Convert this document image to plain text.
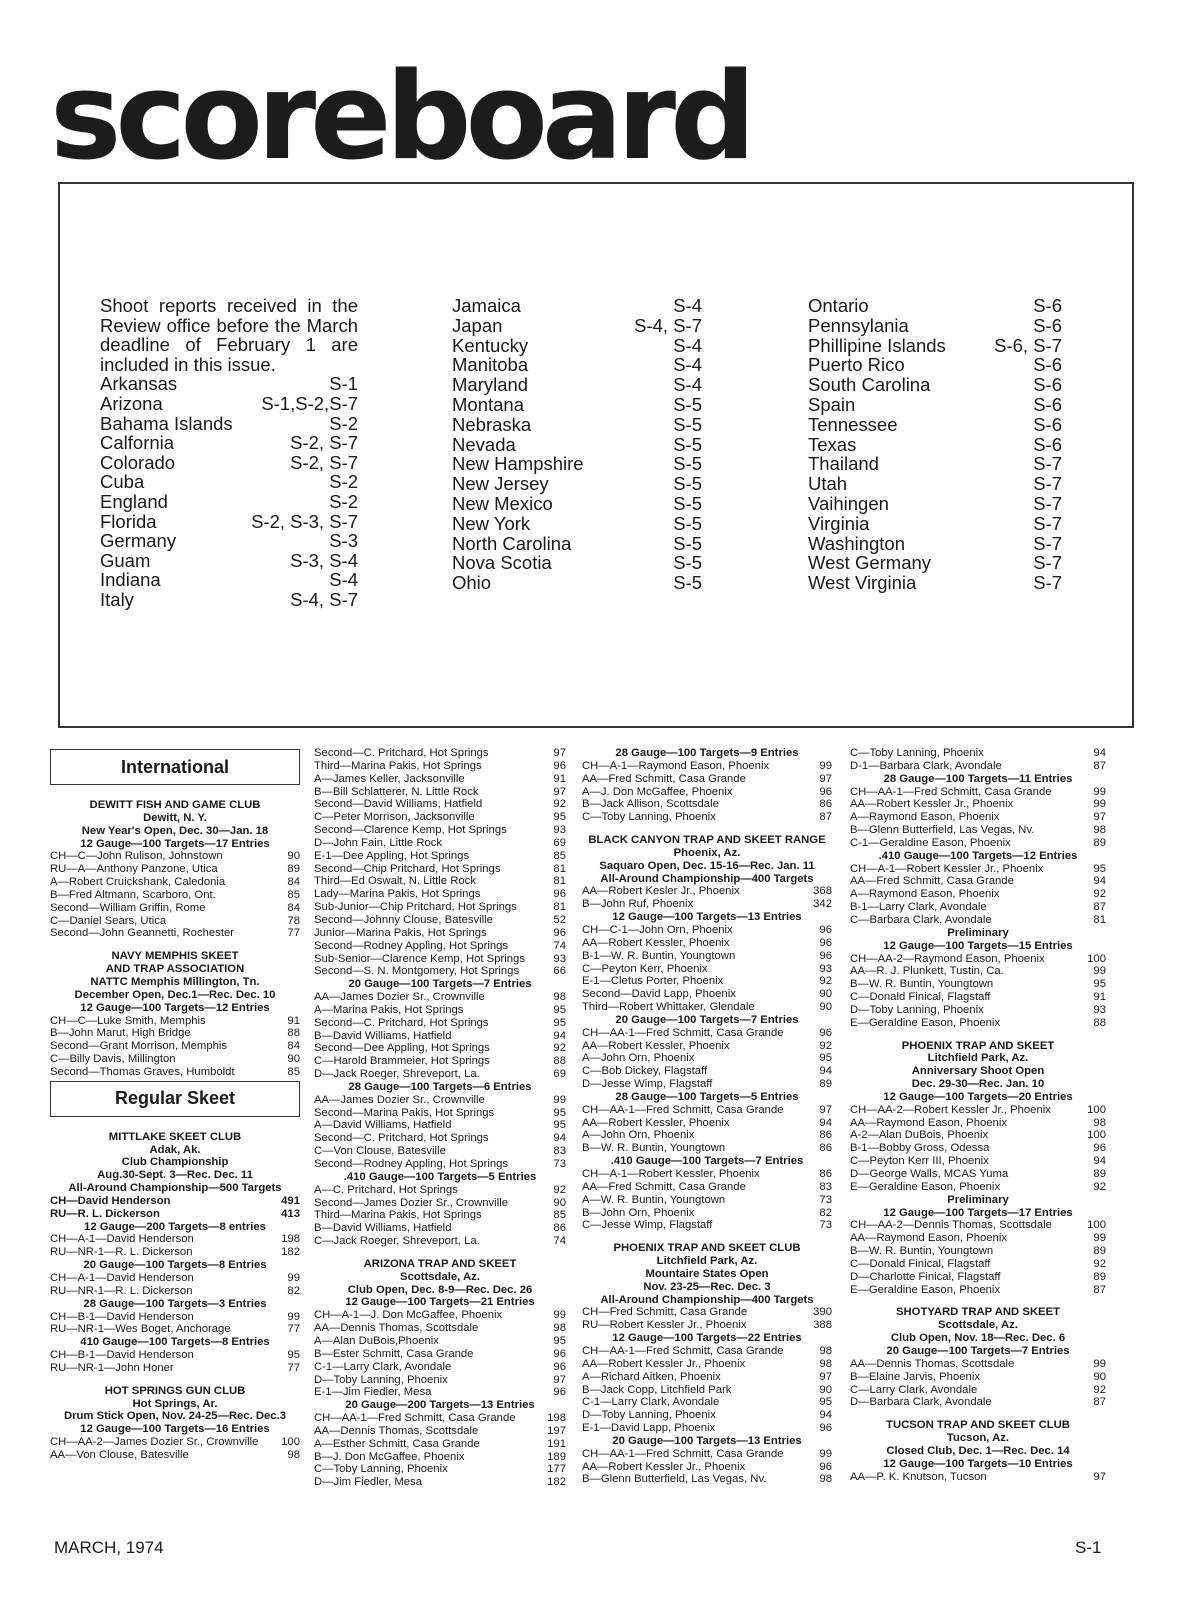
scoreboard
Shoot reports received in the Review office before the March deadline of February 1 are included in this issue.
Arkansas	S-1
Arizona	S-1,S-2,S-7
Bahama Islands	S-2
Calfornia	S-2, S-7
Colorado	S-2, S-7
Cuba	S-2
England	S-2
Florida	S-2, S-3, S-7
Germany	S-3
Guam	S-3, S-4
Indiana	S-4
Italy	S-4, S-7
Jamaica	S-4
Japan	S-4, S-7
Kentucky	S-4
Manitoba	S-4
Maryland	S-4
Montana	S-5
Nebraska	S-5
Nevada	S-5
New Hampshire	S-5
New Jersey	S-5
New Mexico	S-5
New York	S-5
North Carolina	S-5
Nova Scotia	S-5
Ohio	S-5
Ontario	S-6
Pennsylania	S-6
Phillipine Islands	S-6, S-7
Puerto Rico	S-6
South Carolina	S-6
Spain	S-6
Tennessee	S-6
Texas	S-6
Thailand	S-7
Utah	S-7
Vaihingen	S-7
Virginia	S-7
Washington	S-7
West Germany	S-7
West Virginia	S-7
International
DEWITT FISH AND GAME CLUB
Dewitt, N. Y.
New Year's Open, Dec. 30—Jan. 18
12 Gauge—100 Targets—17 Entries
CH—C—John Rulison, Johnstown	90
RU—A—Anthony Panzone, Utica	89
A—Robert Cruickshank, Caledonia	84
B—Fred Altmann, Scarboro, Ont.	85
Second—William Griffin, Rome	84
C—Daniel Sears, Utica	78
Second—John Geannetti, Rochester	77
NAVY MEMPHIS SKEET
AND TRAP ASSOCIATION
NATTC Memphis Millington, Tn.
December Open, Dec.1—Rec. Dec. 10
12 Gauge—100 Targets—12 Entries
CH—C—Luke Smith, Memphis	91
B—John Marut, High Bridge	88
Second—Grant Morrison, Memphis	84
C—Billy Davis, Millington	90
Second—Thomas Graves, Humboldt	85
Regular Skeet
MITTLAKE SKEET CLUB
Adak, Ak.
Club Championship
Aug.30-Sept. 3—Rec. Dec. 11
All-Around Championship—500 Targets
CH—David Henderson	491
RU—R. L. Dickerson	413
12 Gauge—200 Targets—8 entries
CH—A-1—David Henderson	198
RU—NR-1—R. L. Dickerson	182
20 Gauge—100 Targets—8 Entries
CH—A-1—David Henderson	99
RU—NR-1—R. L. Dickerson	82
28 Gauge—100 Targets—3 Entries
CH—B-1—David Henderson	99
RU—NR-1—Wes Boget, Anchorage	77
410 Gauge—100 Targets—8 Entries
CH—B-1—David Henderson	95
RU—NR-1—John Honer	77
HOT SPRINGS GUN CLUB
Hot Springs, Ar.
Drum Stick Open, Nov. 24-25—Rec. Dec.3
12 Gauge—100 Targets—16 Entries
CH—AA-2—James Dozier Sr., Crownville	100
AA—Von Clouse, Batesville	98
Second—C. Pritchard, Hot Springs	97
Third—Marina Pakis, Hot Springs	96
A—James Keller, Jacksonville	91
B—Bill Schlatterer, N. Little Rock	97
Second—David Williams, Hatfield	92
C—Peter Morrison, Jacksonville	95
Second—Clarence Kemp, Hot Springs	93
D—John Fain, Little Rock	69
E-1—Dee Appling, Hot Springs	85
Second—Chip Pritchard, Hot Springs	81
Third—Ed Oswalt, N. Little Rock	81
Lady—Marina Pakis, Hot Springs	96
Sub-Junior—Chip Pritchard, Hot Springs	81
Second—Johnny Clouse, Batesville	52
Junior—Marina Pakis, Hot Springs	96
Second—Rodney Appling, Hot Springs	74
Sub-Senior—Clarence Kemp, Hot Springs	93
Second—S. N. Montgomery, Hot Springs	66
20 Gauge—100 Targets—7 Entries
AA—James Dozier Sr., Crownville	98
A—Marina Pakis, Hot Springs	95
Second—C. Pritchard, Hot Springs	95
B—David Williams, Hatfield	94
Second—Dee Appling, Hot Springs	92
C—Harold Brammeier, Hot Springs	88
D—Jack Roeger, Shreveport, La.	69
28 Gauge—100 Targets—6 Entries
AA—James Dozier Sr., Crownville	99
Second—Marina Pakis, Hot Springs	95
A—David Williams, Hatfield	95
Second—C. Pritchard, Hot Springs	94
C—Von Clouse, Batesville	83
Second—Rodney Appling, Hot Springs	73
.410 Gauge—100 Targets—5 Entries
A—C. Pritchard, Hot Springs	92
Second—James Dozier Sr., Crownville	90
Third—Marina Pakis, Hot Springs	85
B—David Williams, Hatfield	86
C—Jack Roeger, Shreveport, La.	74
ARIZONA TRAP AND SKEET
Scottsdale, Az.
Club Open, Dec. 8-9—Rec. Dec. 26
12 Gauge—100 Targets—21 Entries
CH—A-1—J. Don McGaffee, Phoenix	99
AA—Dennis Thomas, Scottsdale	98
A—Alan DuBois,Phoenix	95
B—Ester Schmitt, Casa Grande	96
C-1—Larry Clark, Avondale	96
D—Toby Lanning, Phoenix	97
E-1—Jim Fiedler, Mesa	96
20 Gauge—200 Targets—13 Entries
CH—AA-1—Fred Schmitt, Casa Grande	198
AA—Dennis Thomas, Scottsdale	197
A—Esther Schmitt, Casa Grande	191
B—J. Don McGaffee, Phoenix	189
C—Toby Lanning, Phoenix	177
D—Jim Fiedler, Mesa	182
28 Gauge—100 Targets—9 Entries
CH—A-1—Raymond Eason, Phoenix	99
AA—Fred Schmitt, Casa Grande	97
A—J. Don McGaffee, Phoenix	96
B—Jack Allison, Scottsdale	86
C—Toby Lanning, Phoenix	87
BLACK CANYON TRAP AND SKEET RANGE
Phoenix, Az.
Saquaro Open, Dec. 15-16—Rec. Jan. 11
All-Around Championship—400 Targets
AA—Robert Kesler Jr., Phoenix	368
B—John Ruf, Phoenix	342
12 Gauge—100 Targets—13 Entries
CH—C-1—John Orn, Phoenix	96
AA—Robert Kessler, Phoenix	96
B-1—W. R. Buntin, Youngtown	96
C—Peyton Kerr, Phoenix	93
E-1—Cletus Porter, Phoenix	92
Second—David Lapp, Phoenix	90
Third—Robert Whittaker, Glendale	90
20 Gauge—100 Targets—7 Entries
CH—AA-1—Fred Schmitt, Casa Grande	96
AA—Robert Kessler, Phoenix	92
A—John Orn, Phoenix	95
C—Bob Dickey, Flagstaff	94
D—Jesse Wimp, Flagstaff	89
28 Gauge—100 Targets—5 Entries
CH—AA-1—Fred Schmitt, Casa Grande	97
AA—Robert Kessler, Phoenix	94
A—John Orn, Phoenix	86
B—W. R. Buntin, Youngtown	86
.410 Gauge—100 Targets—7 Entries
CH—A-1—Robert Kessler, Phoenix	86
AA—Fred Schmitt, Casa Grande	83
A—W. R. Buntin, Youngtown	73
B—John Orn, Phoenix	82
C—Jesse Wimp, Flagstaff	73
PHOENIX TRAP AND SKEET CLUB
Litchfield Park, Az.
Mountaire States Open
Nov. 23-25—Rec. Dec. 3
All-Around Championship—400 Targets
CH—Fred Schmitt, Casa Grande	390
RU—Robert Kessler Jr., Phoenix	388
12 Gauge—100 Targets—22 Entries
CH—AA-1—Fred Schmitt, Casa Grande	98
AA—Robert Kessler Jr., Phoenix	98
A—Richard Aitken, Phoenix	97
B—Jack Copp, Litchfield Park	90
C-1—Larry Clark, Avondale	95
D—Toby Lanning, Phoenix	94
E-1—David Lapp, Phoenix	96
20 Gauge—100 Targets—13 Entries
CH—AA-1—Fred Schmitt, Casa Grande	99
AA—Robert Kessler Jr., Phoenix	96
B—Glenn Butterfield, Las Vegas, Nv.	98
C—Toby Lanning, Phoenix	94
D-1—Barbara Clark, Avondale	87
28 Gauge—100 Targets—11 Entries
CH—AA-1—Fred Schmitt, Casa Grande	99
AA—Robert Kessler Jr., Phoenix	99
A—Raymond Eason, Phoenix	97
B—Glenn Butterfield, Las Vegas, Nv.	98
C-1—Geraldine Eason, Phoenix	89
.410 Gauge—100 Targets—12 Entries
CH—A-1—Robert Kessler Jr., Phoenix	95
AA—Fred Schmitt, Casa Grande	94
A—Raymond Eason, Phoenix	92
B-1—Larry Clark, Avondale	87
C—Barbara Clark, Avondale	81
Preliminary
12 Gauge—100 Targets—15 Entries
CH—AA-2—Raymond Eason, Phoenix	100
AA—R. J. Plunkett, Tustin, Ca.	99
B—W. R. Buntin, Youngtown	95
C—Donald Finical, Flagstaff	91
D—Toby Lanning, Phoenix	93
E—Geraldine Eason, Phoenix	88
PHOENIX TRAP AND SKEET
Litchfield Park, Az.
Anniversary Shoot Open
Dec. 29-30—Rec. Jan. 10
12 Gauge—100 Targets—20 Entries
CH—AA-2—Robert Kessler Jr., Phoenix	100
AA—Raymond Eason, Phoenix	98
A-2—Alan DuBois, Phoenix	100
B-1—Bobby Gross, Odessa	96
C—Peyton Kerr III, Phoenix	94
D—George Walls, MCAS Yuma	89
E—Geraldine Eason, Phoenix	92
Preliminary
12 Gauge—100 Targets—17 Entries
CH—AA-2—Dennis Thomas, Scottsdale	100
AA—Raymond Eason, Phoenix	99
B—W. R. Buntin, Youngtown	89
C—Donald Finical, Flagstaff	92
D—Charlotte Finical, Flagstaff	89
E—Geraldine Eason, Phoenix	87
SHOTYARD TRAP AND SKEET
Scottsdale, Az.
Club Open, Nov. 18—Rec. Dec. 6
20 Gauge—100 Targets—7 Entries
AA—Dennis Thomas, Scottsdale	99
B—Elaine Jarvis, Phoenix	90
C—Larry Clark, Avondale	92
D—Barbara Clark, Avondale	87
TUCSON TRAP AND SKEET CLUB
Tucson, Az.
Closed Club, Dec. 1—Rec. Dec. 14
12 Gauge—100 Targets—10 Entries
AA—P. K. Knutson, Tucson	97
MARCH, 1974	S-1
